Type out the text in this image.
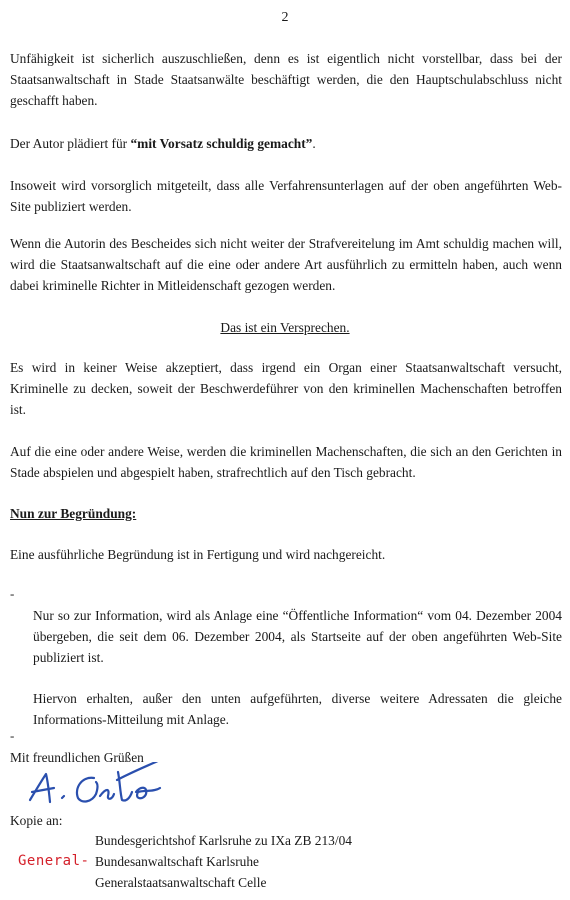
2

Unfähigkeit ist sicherlich auszuschließen, denn es ist eigentlich nicht vorstellbar, dass bei der Staatsanwaltschaft in Stade Staatsanwälte beschäftigt werden, die den Hauptschulabschluss nicht geschafft haben.

Der Autor plädiert für “mit Vorsatz schuldig gemacht”.

Insoweit wird vorsorglich mitgeteilt, dass alle Verfahrensunterlagen auf der oben angeführten Web-Site publiziert werden.

Wenn die Autorin des Bescheides sich nicht weiter der Strafvereitelung im Amt schuldig machen will, wird die Staatsanwaltschaft auf die eine oder andere Art ausführlich zu ermitteln haben, auch wenn dabei kriminelle Richter in Mitleidenschaft gezogen werden.

Das ist ein Versprechen.

Es wird in keiner Weise akzeptiert, dass irgend ein Organ einer Staatsanwaltschaft versucht, Kriminelle zu decken, soweit der Beschwerdeführer von den kriminellen Machenschaften betroffen ist.

Auf die eine oder andere Weise, werden die kriminellen Machenschaften, die sich an den Gerichten in Stade abspielen und abgespielt haben, strafrechtlich auf den Tisch gebracht.

Nun zur Begründung:

Eine ausführliche Begründung ist in Fertigung und wird nachgereicht.

-

Nur so zur Information, wird als Anlage eine “Öffentliche Information“ vom 04. Dezember 2004 übergeben, die seit dem 06. Dezember 2004, als Startseite auf der oben angeführten Web-Site publiziert ist.

Hiervon erhalten, außer den unten aufgeführten, diverse weitere Adressaten die gleiche Informations-Mitteilung mit Anlage.

-

Mit freundlichen Grüßen

Kopie an:

Bundesgerichtshof Karlsruhe zu IXa ZB 213/04
Bundesanwaltschaft Karlsruhe
Generalstaatsanwaltschaft Celle
General-
